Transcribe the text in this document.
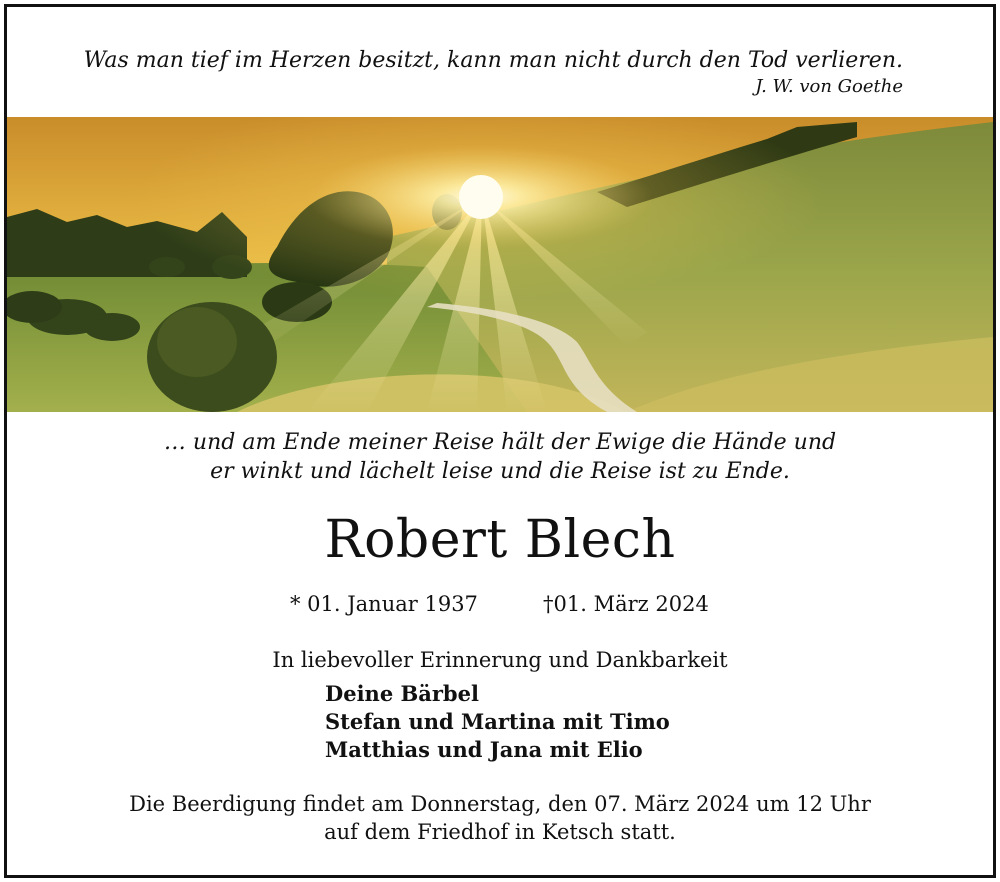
Was man tief im Herzen besitzt, kann man nicht durch den Tod verlieren.
J. W. von Goethe
… und am Ende meiner Reise hält der Ewige die Hände und
er winkt und lächelt leise und die Reise ist zu Ende.
Robert Blech
* 01. Januar 1937	†01. März 2024
In liebevoller Erinnerung und Dankbarkeit
Deine Bärbel
Stefan und Martina mit Timo
Matthias und Jana mit Elio
Die Beerdigung findet am Donnerstag, den 07. März 2024 um 12 Uhr
auf dem Friedhof in Ketsch statt.
